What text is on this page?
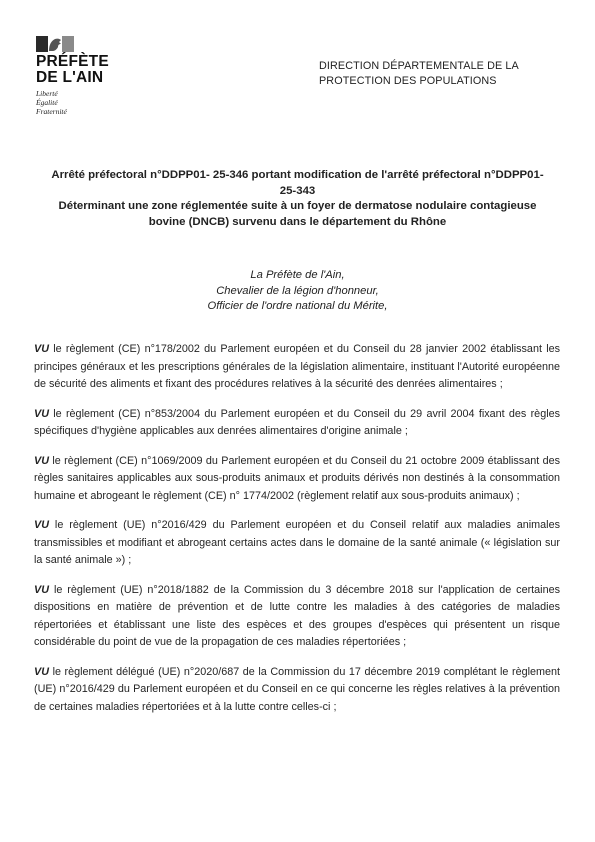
PRÉFÈTE
DE L'AIN
Liberté
Égalité
Fraternité
DIRECTION DÉPARTEMENTALE DE LA PROTECTION DES POPULATIONS
Arrêté préfectoral n°DDPP01- 25-346 portant modification de l'arrêté préfectoral n°DDPP01-
25-343
Déterminant une zone réglementée suite à un foyer de dermatose nodulaire contagieuse
bovine (DNCB) survenu dans le département du Rhône
La Préfète de l'Ain,
Chevalier de la légion d'honneur,
Officier de l'ordre national du Mérite,

VU le règlement (CE) n°178/2002 du Parlement européen et du Conseil du 28 janvier 2002 établissant les principes généraux et les prescriptions générales de la législation alimentaire, instituant l'Autorité européenne de sécurité des aliments et fixant des procédures relatives à la sécurité des denrées alimentaires ;

VU le règlement (CE) n°853/2004 du Parlement européen et du Conseil du 29 avril 2004 fixant des règles spécifiques d'hygiène applicables aux denrées alimentaires d'origine animale ;

VU le règlement (CE) n°1069/2009 du Parlement européen et du Conseil du 21 octobre 2009 établissant des règles sanitaires applicables aux sous-produits animaux et produits dérivés non destinés à la consommation humaine et abrogeant le règlement (CE) n° 1774/2002 (règlement relatif aux sous-produits animaux) ;

VU le règlement (UE) n°2016/429 du Parlement européen et du Conseil relatif aux maladies animales transmissibles et modifiant et abrogeant certains actes dans le domaine de la santé animale (« législation sur la santé animale ») ;

VU le règlement (UE) n°2018/1882 de la Commission du 3 décembre 2018 sur l'application de certaines dispositions en matière de prévention et de lutte contre les maladies à des catégories de maladies répertoriées et établissant une liste des espèces et des groupes d'espèces qui présentent un risque considérable du point de vue de la propagation de ces maladies répertoriées ;

VU le règlement délégué (UE) n°2020/687 de la Commission du 17 décembre 2019 complétant le règlement (UE) n°2016/429 du Parlement européen et du Conseil en ce qui concerne les règles relatives à la prévention de certaines maladies répertoriées et à la lutte contre celles-ci ;
